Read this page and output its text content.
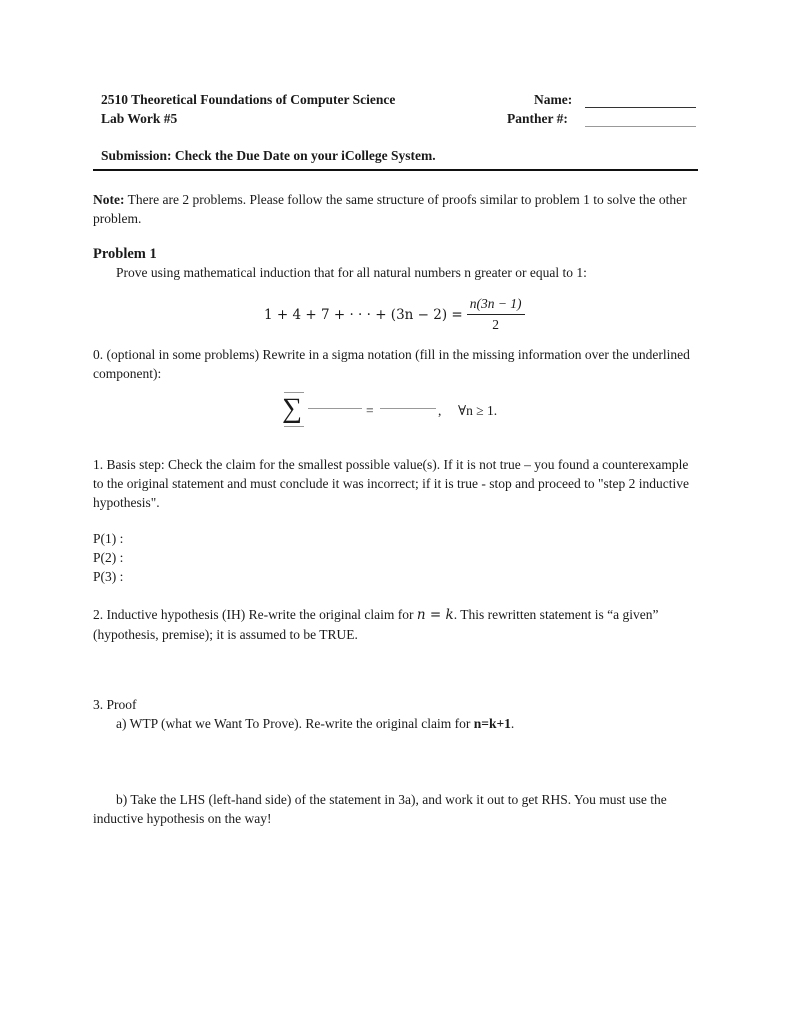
2510 Theoretical Foundations of Computer Science
Lab Work #5
Name:
Panther #:
Submission: Check the Due Date on your iCollege System.
Note: There are 2 problems. Please follow the same structure of proofs similar to problem 1 to solve the other problem.
Problem 1
Prove using mathematical induction that for all natural numbers n greater or equal to 1:
1 + 4 + 7 + · · · + $(3n - 2) = \frac{n(3n - 1)}{2}$
0. (optional in some problems) Rewrite in a sigma notation (fill in the missing information over the underlined component):
∑	=	, ∀n ≥ 1.
1. Basis step: Check the claim for the smallest possible value(s). If it is not true – you found a counterexample to the original statement and must conclude it was incorrect; if it is true - stop and proceed to "step 2 inductive hypothesis".
P(1) :
P(2) :
P(3) :
2. Inductive hypothesis (IH) Re-write the original claim for n = k. This rewritten statement is “a given” (hypothesis, premise); it is assumed to be TRUE.
3. Proof
a) WTP (what we Want To Prove). Re-write the original claim for n=k+1.
b) Take the LHS (left-hand side) of the statement in 3a), and work it out to get RHS. You must use the inductive hypothesis on the way!
